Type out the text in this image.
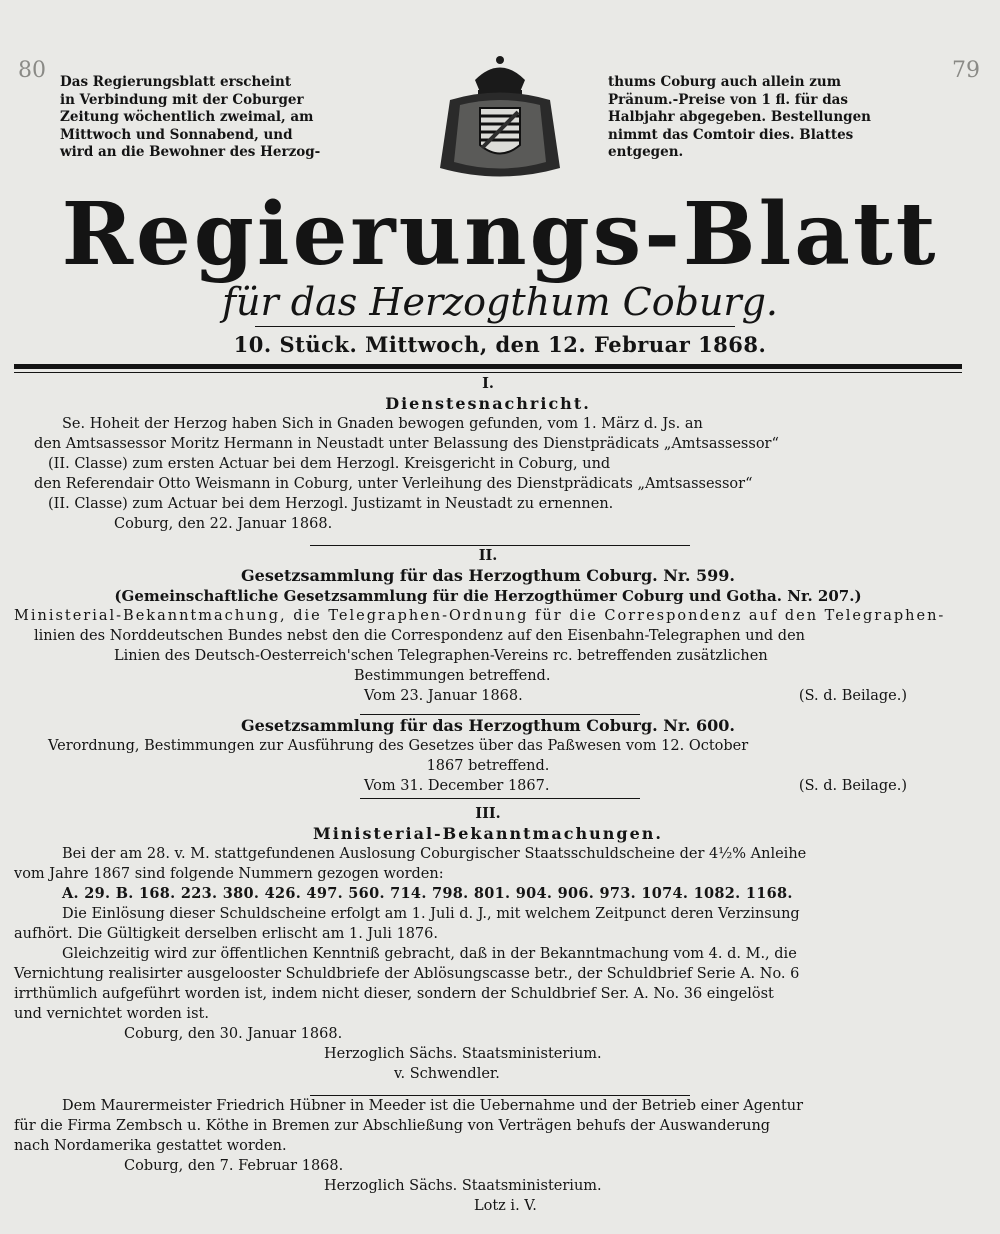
80	79
Das Regierungsblatt erscheint
in Verbindung mit der Coburger
Zeitung wöchentlich zweimal, am
Mittwoch und Sonnabend, und
wird an die Bewohner des Herzog-
thums Coburg auch allein zum
Pränum.-Preise von 1 fl. für das
Halbjahr abgegeben. Bestellungen
nimmt das Comtoir dies. Blattes
entgegen.
Regierungs-Blatt
für das Herzogthum Coburg.
10. Stück. Mittwoch, den 12. Februar 1868.
I.
Dienstesnachricht.
Se. Hoheit der Herzog haben Sich in Gnaden bewogen gefunden, vom 1. März d. Js. an
den Amtsassessor Moritz Hermann in Neustadt unter Belassung des Dienstprädicats „Amtsassessor“
(II. Classe) zum ersten Actuar bei dem Herzogl. Kreisgericht in Coburg, und
den Referendair Otto Weismann in Coburg, unter Verleihung des Dienstprädicats „Amtsassessor“
(II. Classe) zum Actuar bei dem Herzogl. Justizamt in Neustadt zu ernennen.
Coburg, den 22. Januar 1868.
II.
Gesetzsammlung für das Herzogthum Coburg. Nr. 599.
(Gemeinschaftliche Gesetzsammlung für die Herzogthümer Coburg und Gotha. Nr. 207.)
Ministerial-Bekanntmachung, die Telegraphen-Ordnung für die Correspondenz auf den Telegraphen-
linien des Norddeutschen Bundes nebst den die Correspondenz auf den Eisenbahn-Telegraphen und den
Linien des Deutsch-Oesterreich'schen Telegraphen-Vereins rc. betreffenden zusätzlichen
Bestimmungen betreffend.
Vom 23. Januar 1868.	(S. d. Beilage.)
Gesetzsammlung für das Herzogthum Coburg. Nr. 600.
Verordnung, Bestimmungen zur Ausführung des Gesetzes über das Paßwesen vom 12. October
1867 betreffend.
Vom 31. December 1867.	(S. d. Beilage.)
III.
Ministerial-Bekanntmachungen.
Bei der am 28. v. M. stattgefundenen Auslosung Coburgischer Staatsschuldscheine der 4½% Anleihe
vom Jahre 1867 sind folgende Nummern gezogen worden:
A. 29. B. 168. 223. 380. 426. 497. 560. 714. 798. 801. 904. 906. 973. 1074. 1082. 1168.
Die Einlösung dieser Schuldscheine erfolgt am 1. Juli d. J., mit welchem Zeitpunct deren Verzinsung
aufhört. Die Gültigkeit derselben erlischt am 1. Juli 1876.
Gleichzeitig wird zur öffentlichen Kenntniß gebracht, daß in der Bekanntmachung vom 4. d. M., die
Vernichtung realisirter ausgelooster Schuldbriefe der Ablösungscasse betr., der Schuldbrief Serie A. No. 6
irrthümlich aufgeführt worden ist, indem nicht dieser, sondern der Schuldbrief Ser. A. No. 36 eingelöst
und vernichtet worden ist.
Coburg, den 30. Januar 1868.
Herzoglich Sächs. Staatsministerium.
v. Schwendler.
Dem Maurermeister Friedrich Hübner in Meeder ist die Uebernahme und der Betrieb einer Agentur
für die Firma Zembsch u. Köthe in Bremen zur Abschließung von Verträgen behufs der Auswanderung
nach Nordamerika gestattet worden.
Coburg, den 7. Februar 1868.
Herzoglich Sächs. Staatsministerium.
Lotz i. V.
